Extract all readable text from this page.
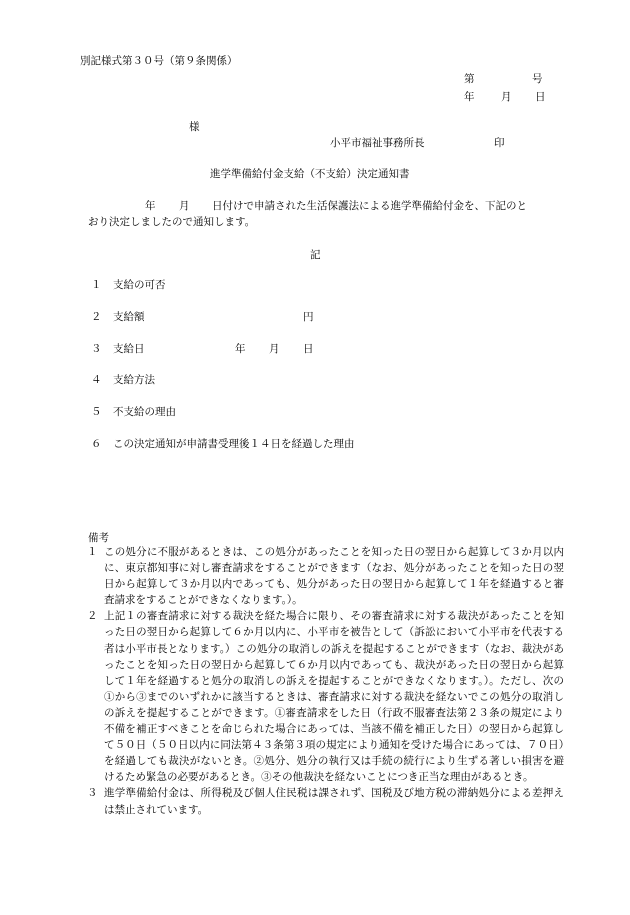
別記様式第３０号（第９条関係）
第	号
年	月 日
様
小平市福祉事務所長	印
進学準備給付金支給（不支給）決定通知書
年 月 日付けで申請された生活保護法による進学準備給付金を、下記のと
おり決定しましたので通知します。
記
１ 支給の可否
２ 支給額	円
３ 支給日	年 月 日
４ 支給方法
５ 不支給の理由
６ この決定通知が申請書受理後１４日を経過した理由
備考

１ この処分に不服があるときは、この処分があったことを知った日の翌日から起算して３か月以内に、東京都知事に対し審査請求をすることができます（なお、処分があったことを知った日の翌日から起算して３か月以内であっても、処分があった日の翌日から起算して１年を経過すると審査請求をすることができなくなります。）。

２ 上記１の審査請求に対する裁決を経た場合に限り、その審査請求に対する裁決があったことを知った日の翌日から起算して６か月以内に、小平市を被告として（訴訟において小平市を代表する者は小平市長となります。）この処分の取消しの訴えを提起することができます（なお、裁決があったことを知った日の翌日から起算して６か月以内であっても、裁決があった日の翌日から起算して１年を経過すると処分の取消しの訴えを提起することができなくなります。）。ただし、次の①から③までのいずれかに該当するときは、審査請求に対する裁決を経ないでこの処分の取消しの訴えを提起することができます。①審査請求をした日（行政不服審査法第２３条の規定により不備を補正すべきことを命じられた場合にあっては、当該不備を補正した日）の翌日から起算して５０日（５０日以内に同法第４３条第３項の規定により通知を受けた場合にあっては、７０日）を経過しても裁決がないとき。②処分、処分の執行又は手続の続行により生ずる著しい損害を避けるため緊急の必要があるとき。③その他裁決を経ないことにつき正当な理由があるとき。

３ 進学準備給付金は、所得税及び個人住民税は課されず、国税及び地方税の滞納処分による差押えは禁止されています。
